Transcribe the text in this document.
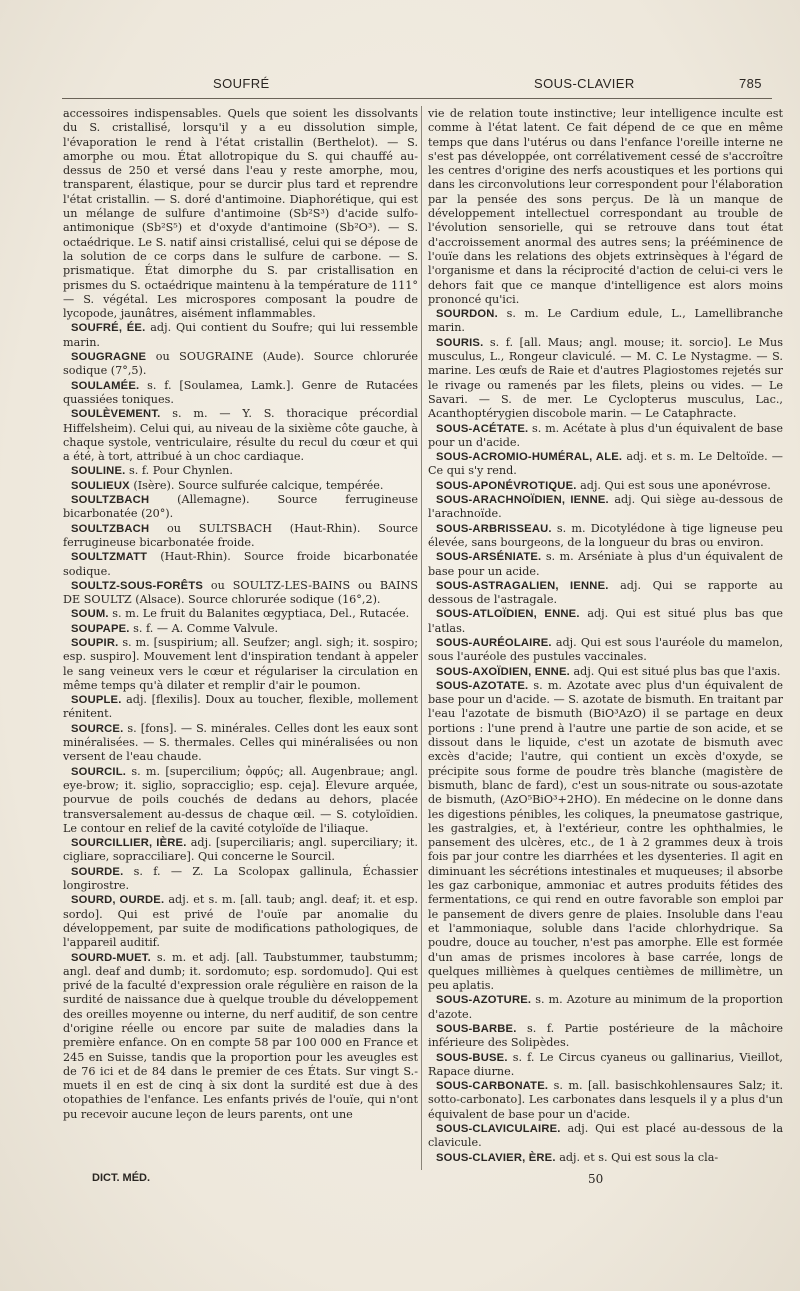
SOUFRÉ	SOUS-CLAVIER	785

accessoires indispensables. Quels que soient les dissolvants du S. cristallisé, lorsqu'il y a eu dissolution simple, l'évaporation le rend à l'état cristallin (Berthelot). — S. amorphe ou mou. État allotropique du S. qui chauffé au-dessus de 250 et versé dans l'eau y reste amorphe, mou, transparent, élastique, pour se durcir plus tard et reprendre l'état cristallin. — S. doré d'antimoine. Diaphorétique, qui est un mélange de sulfure d'antimoine (Sb²S³) d'acide sulfo-antimonique (Sb²S⁵) et d'oxyde d'antimoine (Sb²O³). — S. octaédrique. Le S. natif ainsi cristallisé, celui qui se dépose de la solution de ce corps dans le sulfure de carbone. — S. prismatique. État dimorphe du S. par cristallisation en prismes du S. octaédrique maintenu à la température de 111° — S. végétal. Les microspores composant la poudre de lycopode, jaunâtres, aisément inflammables.

SOUFRÉ, ÉE. adj. Qui contient du Soufre; qui lui ressemble marin.

SOUGRAGNE ou SOUGRAINE (Aude). Source chlorurée sodique (7°,5).

SOULAMÉE. s. f. [Soulamea, Lamk.]. Genre de Rutacées quassiées toniques.

SOULÈVEMENT. s. m. — Y. S. thoracique précordial Hiffelsheim). Celui qui, au niveau de la sixième côte gauche, à chaque systole, ventriculaire, résulte du recul du cœur et qui a été, à tort, attribué à un choc cardiaque.

SOULINE. s. f. Pour Chynlen.

SOULIEUX (Isère). Source sulfurée calcique, tempérée.

SOULTZBACH (Allemagne). Source ferrugineuse bicarbonatée (20°).

SOULTZBACH ou SULTSBACH (Haut-Rhin). Source ferrugineuse bicarbonatée froide.

SOULTZMATT (Haut-Rhin). Source froide bicarbonatée sodique.

SOULTZ-SOUS-FORÊTS ou SOULTZ-LES-BAINS ou BAINS DE SOULTZ (Alsace). Source chlorurée sodique (16°,2).

SOUM. s. m. Le fruit du Balanites œgyptiaca, Del., Rutacée.

SOUPAPE. s. f. — A. Comme Valvule.

SOUPIR. s. m. [suspirium; all. Seufzer; angl. sigh; it. sospiro; esp. suspiro]. Mouvement lent d'inspiration tendant à appeler le sang veineux vers le cœur et régulariser la circulation en même temps qu'à dilater et remplir d'air le poumon.

SOUPLE. adj. [flexilis]. Doux au toucher, flexible, mollement rénitent.

SOURCE. s. [fons]. — S. minérales. Celles dont les eaux sont minéralisées. — S. thermales. Celles qui minéralisées ou non versent de l'eau chaude.

SOURCIL. s. m. [supercilium; ὀφρύς; all. Augenbraue; angl. eye-brow; it. siglio, sopracciglio; esp. ceja]. Élevure arquée, pourvue de poils couchés de dedans au dehors, placée transversalement au-dessus de chaque œil. — S. cotyloïdien. Le contour en relief de la cavité cotyloïde de l'iliaque.

SOURCILLIER, IÈRE. adj. [superciliaris; angl. superciliary; it. cigliare, sopracciliare]. Qui concerne le Sourcil.

SOURDE. s. f. — Z. La Scolopax gallinula, Échassier longirostre.

SOURD, OURDE. adj. et s. m. [all. taub; angl. deaf; it. et esp. sordo]. Qui est privé de l'ouïe par anomalie du développement, par suite de modifications pathologiques, de l'appareil auditif.

SOURD-MUET. s. m. et adj. [all. Taubstummer, taubstumm; angl. deaf and dumb; it. sordomuto; esp. sordomudo]. Qui est privé de la faculté d'expression orale régulière en raison de la surdité de naissance due à quelque trouble du développement des oreilles moyenne ou interne, du nerf auditif, de son centre d'origine réelle ou encore par suite de maladies dans la première enfance. On en compte 58 par 100 000 en France et 245 en Suisse, tandis que la proportion pour les aveugles est de 76 ici et de 84 dans le premier de ces États. Sur vingt S.-muets il en est de cinq à six dont la surdité est due à des otopathies de l'enfance. Les enfants privés de l'ouïe, qui n'ont pu recevoir aucune leçon de leurs parents, ont une

vie de relation toute instinctive; leur intelligence inculte est comme à l'état latent. Ce fait dépend de ce que en même temps que dans l'utérus ou dans l'enfance l'oreille interne ne s'est pas développée, ont corrélativement cessé de s'accroître les centres d'origine des nerfs acoustiques et les portions qui dans les circonvolutions leur correspondent pour l'élaboration par la pensée des sons perçus. De là un manque de développement intellectuel correspondant au trouble de l'évolution sensorielle, qui se retrouve dans tout état d'accroissement anormal des autres sens; la prééminence de l'ouïe dans les relations des objets extrinsèques à l'égard de l'organisme et dans la réciprocité d'action de celui-ci vers le dehors fait que ce manque d'intelligence est alors moins prononcé qu'ici.

SOURDON. s. m. Le Cardium edule, L., Lamellibranche marin.

SOURIS. s. f. [all. Maus; angl. mouse; it. sorcio]. Le Mus musculus, L., Rongeur claviculé. — M. C. Le Nystagme. — S. marine. Les œufs de Raie et d'autres Plagiostomes rejetés sur le rivage ou ramenés par les filets, pleins ou vides. — Le Savari. — S. de mer. Le Cyclopterus musculus, Lac., Acanthoptérygien discobole marin. — Le Cataphracte.

SOUS-ACÉTATE. s. m. Acétate à plus d'un équivalent de base pour un d'acide.

SOUS-ACROMIO-HUMÉRAL, ALE. adj. et s. m. Le Deltoïde. — Ce qui s'y rend.

SOUS-APONÉVROTIQUE. adj. Qui est sous une aponévrose.

SOUS-ARACHNOÏDIEN, IENNE. adj. Qui siège au-dessous de l'arachnoïde.

SOUS-ARBRISSEAU. s. m. Dicotylédone à tige ligneuse peu élevée, sans bourgeons, de la longueur du bras ou environ.

SOUS-ARSÉNIATE. s. m. Arséniate à plus d'un équivalent de base pour un acide.

SOUS-ASTRAGALIEN, IENNE. adj. Qui se rapporte au dessous de l'astragale.

SOUS-ATLOÏDIEN, ENNE. adj. Qui est situé plus bas que l'atlas.

SOUS-AURÉOLAIRE. adj. Qui est sous l'auréole du mamelon, sous l'auréole des pustules vaccinales.

SOUS-AXOÏDIEN, ENNE. adj. Qui est situé plus bas que l'axis.

SOUS-AZOTATE. s. m. Azotate avec plus d'un équivalent de base pour un d'acide. — S. azotate de bismuth. En traitant par l'eau l'azotate de bismuth (BiO³AzO) il se partage en deux portions : l'une prend à l'autre une partie de son acide, et se dissout dans le liquide, c'est un azotate de bismuth avec excès d'acide; l'autre, qui contient un excès d'oxyde, se précipite sous forme de poudre très blanche (magistère de bismuth, blanc de fard), c'est un sous-nitrate ou sous-azotate de bismuth, (AzO⁵BiO³+2HO). En médecine on le donne dans les digestions pénibles, les coliques, la pneumatose gastrique, les gastralgies, et, à l'extérieur, contre les ophthalmies, le pansement des ulcères, etc., de 1 à 2 grammes deux à trois fois par jour contre les diarrhées et les dysenteries. Il agit en diminuant les sécrétions intestinales et muqueuses; il absorbe les gaz carbonique, ammoniac et autres produits fétides des fermentations, ce qui rend en outre favorable son emploi par le pansement de divers genre de plaies. Insoluble dans l'eau et l'ammoniaque, soluble dans l'acide chlorhydrique. Sa poudre, douce au toucher, n'est pas amorphe. Elle est formée d'un amas de prismes incolores à base carrée, longs de quelques millièmes à quelques centièmes de millimètre, un peu aplatis.

SOUS-AZOTURE. s. m. Azoture au minimum de la proportion d'azote.

SOUS-BARBE. s. f. Partie postérieure de la mâchoire inférieure des Solipèdes.

SOUS-BUSE. s. f. Le Circus cyaneus ou gallinarius, Vieillot, Rapace diurne.

SOUS-CARBONATE. s. m. [all. basischkohlensaures Salz; it. sotto-carbonato]. Les carbonates dans lesquels il y a plus d'un équivalent de base pour un d'acide.

SOUS-CLAVICULAIRE. adj. Qui est placé au-dessous de la clavicule.

SOUS-CLAVIER, ÈRE. adj. et s. Qui est sous la cla-

DICT. MÉD.	50
